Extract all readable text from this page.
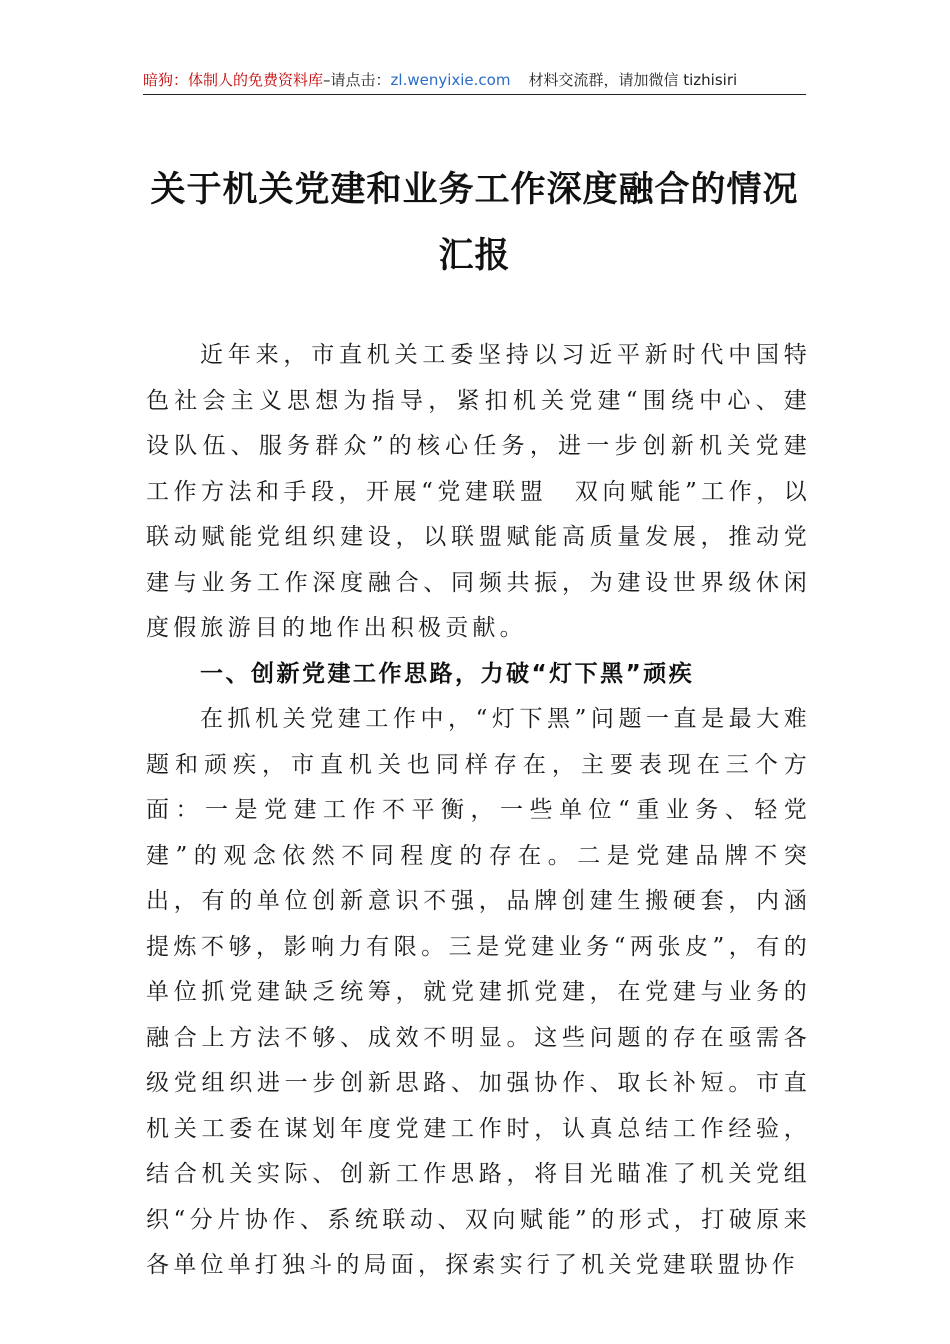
暗狗：体制人的免费资料库–请点击：zl.wenyixie.com 材料交流群，请加微信 tizhisiri
关于机关党建和业务工作深度融合的情况
汇报

近年来，市直机关工委坚持以习近平新时代中国特色社会主义思想为指导，紧扣机关党建“围绕中心、建设队伍、服务群众”的核心任务，进一步创新机关党建工作方法和手段，开展“党建联盟　双向赋能”工作，以联动赋能党组织建设，以联盟赋能高质量发展，推动党建与业务工作深度融合、同频共振，为建设世界级休闲度假旅游目的地作出积极贡献。

一、创新党建工作思路，力破“灯下黑”顽疾

在抓机关党建工作中，“灯下黑”问题一直是最大难题和顽疾，市直机关也同样存在，主要表现在三个方面：一是党建工作不平衡，一些单位“重业务、轻党建”的观念依然不同程度的存在。二是党建品牌不突出，有的单位创新意识不强，品牌创建生搬硬套，内涵提炼不够，影响力有限。三是党建业务“两张皮”，有的单位抓党建缺乏统筹，就党建抓党建，在党建与业务的融合上方法不够、成效不明显。这些问题的存在亟需各级党组织进一步创新思路、加强协作、取长补短。市直机关工委在谋划年度党建工作时，认真总结工作经验，结合机关实际、创新工作思路，将目光瞄准了机关党组织“分片协作、系统联动、双向赋能”的形式，打破原来各单位单打独斗的局面，探索实行了机关党建联盟协作
